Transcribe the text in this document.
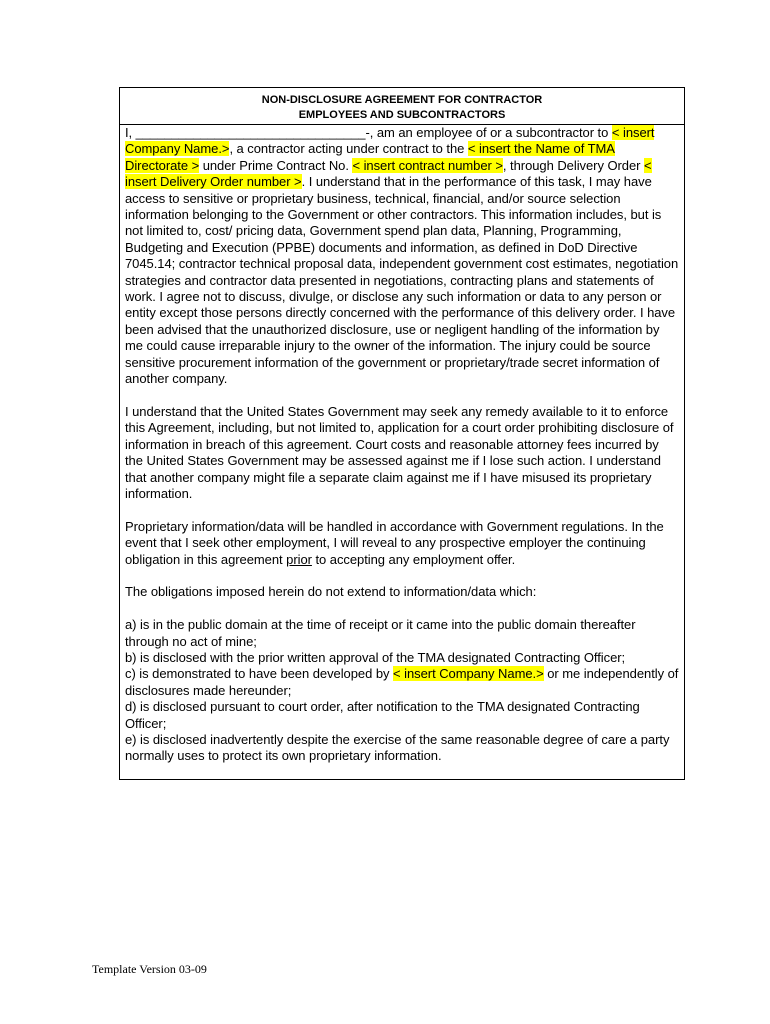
NON-DISCLOSURE AGREEMENT FOR CONTRACTOR
EMPLOYEES AND SUBCONTRACTORS

I, ________________________________-, am an employee of or a subcontractor to < insert Company Name.>, a contractor acting under contract to the < insert the Name of TMA Directorate > under Prime Contract No. < insert contract number >, through Delivery Order < insert Delivery Order number >. I understand that in the performance of this task, I may have access to sensitive or proprietary business, technical, financial, and/or source selection information belonging to the Government or other contractors. This information includes, but is not limited to, cost/ pricing data, Government spend plan data, Planning, Programming, Budgeting and Execution (PPBE) documents and information, as defined in DoD Directive 7045.14; contractor technical proposal data, independent government cost estimates, negotiation strategies and contractor data presented in negotiations, contracting plans and statements of work. I agree not to discuss, divulge, or disclose any such information or data to any person or entity except those persons directly concerned with the performance of this delivery order. I have been advised that the unauthorized disclosure, use or negligent handling of the information by me could cause irreparable injury to the owner of the information. The injury could be source sensitive procurement information of the government or proprietary/trade secret information of another company.

I understand that the United States Government may seek any remedy available to it to enforce this Agreement, including, but not limited to, application for a court order prohibiting disclosure of information in breach of this agreement. Court costs and reasonable attorney fees incurred by the United States Government may be assessed against me if I lose such action. I understand that another company might file a separate claim against me if I have misused its proprietary information.

Proprietary information/data will be handled in accordance with Government regulations. In the event that I seek other employment, I will reveal to any prospective employer the continuing obligation in this agreement prior to accepting any employment offer.

The obligations imposed herein do not extend to information/data which:

a) is in the public domain at the time of receipt or it came into the public domain thereafter through no act of mine;
b) is disclosed with the prior written approval of the TMA designated Contracting Officer;
c) is demonstrated to have been developed by < insert Company Name.> or me independently of disclosures made hereunder;
d) is disclosed pursuant to court order, after notification to the TMA designated Contracting Officer;
e) is disclosed inadvertently despite the exercise of the same reasonable degree of care a party normally uses to protect its own proprietary information.

Template Version 03-09
